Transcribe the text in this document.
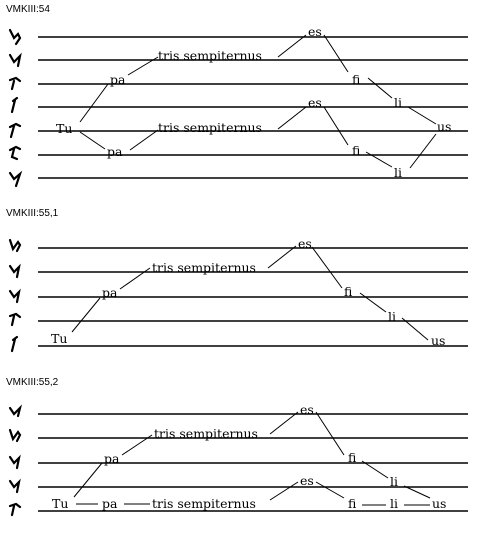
VMKIII:54
VMKIII:55,1
VMKIII:55,2
Tu
pa
tris sempiternus
es
fi
li
us
pa
tris sempiternus
es
fi
li
Tu
pa
tris sempiternus
es
fi
li
us
Tu
pa
tris sempiternus
es
fi
li
us
pa	tris sempiternus
es
fi	li
